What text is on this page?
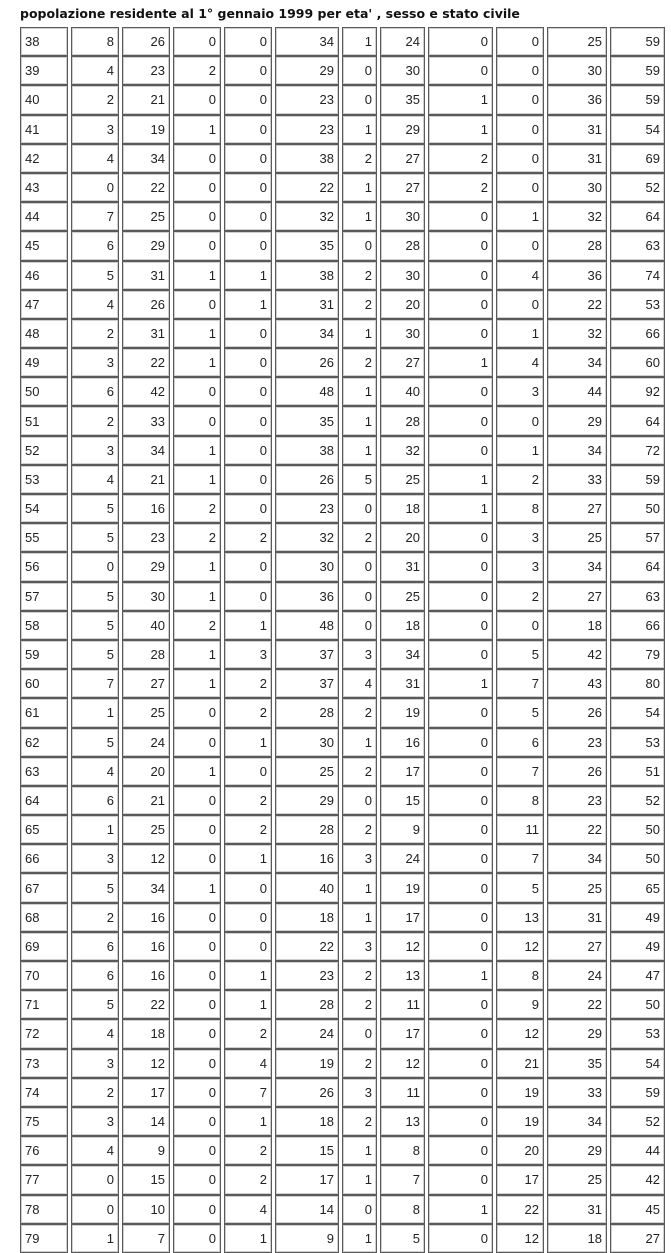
popolazione residente al 1° gennaio 1999 per eta' , sesso e stato civile
38	8	26	0	0	34	1	24	0	0	25	59
39	4	23	2	0	29	0	30	0	0	30	59
40	2	21	0	0	23	0	35	1	0	36	59
41	3	19	1	0	23	1	29	1	0	31	54
42	4	34	0	0	38	2	27	2	0	31	69
43	0	22	0	0	22	1	27	2	0	30	52
44	7	25	0	0	32	1	30	0	1	32	64
45	6	29	0	0	35	0	28	0	0	28	63
46	5	31	1	1	38	2	30	0	4	36	74
47	4	26	0	1	31	2	20	0	0	22	53
48	2	31	1	0	34	1	30	0	1	32	66
49	3	22	1	0	26	2	27	1	4	34	60
50	6	42	0	0	48	1	40	0	3	44	92
51	2	33	0	0	35	1	28	0	0	29	64
52	3	34	1	0	38	1	32	0	1	34	72
53	4	21	1	0	26	5	25	1	2	33	59
54	5	16	2	0	23	0	18	1	8	27	50
55	5	23	2	2	32	2	20	0	3	25	57
56	0	29	1	0	30	0	31	0	3	34	64
57	5	30	1	0	36	0	25	0	2	27	63
58	5	40	2	1	48	0	18	0	0	18	66
59	5	28	1	3	37	3	34	0	5	42	79
60	7	27	1	2	37	4	31	1	7	43	80
61	1	25	0	2	28	2	19	0	5	26	54
62	5	24	0	1	30	1	16	0	6	23	53
63	4	20	1	0	25	2	17	0	7	26	51
64	6	21	0	2	29	0	15	0	8	23	52
65	1	25	0	2	28	2	9	0	11	22	50
66	3	12	0	1	16	3	24	0	7	34	50
67	5	34	1	0	40	1	19	0	5	25	65
68	2	16	0	0	18	1	17	0	13	31	49
69	6	16	0	0	22	3	12	0	12	27	49
70	6	16	0	1	23	2	13	1	8	24	47
71	5	22	0	1	28	2	11	0	9	22	50
72	4	18	0	2	24	0	17	0	12	29	53
73	3	12	0	4	19	2	12	0	21	35	54
74	2	17	0	7	26	3	11	0	19	33	59
75	3	14	0	1	18	2	13	0	19	34	52
76	4	9	0	2	15	1	8	0	20	29	44
77	0	15	0	2	17	1	7	0	17	25	42
78	0	10	0	4	14	0	8	1	22	31	45
79	1	7	0	1	9	1	5	0	12	18	27
